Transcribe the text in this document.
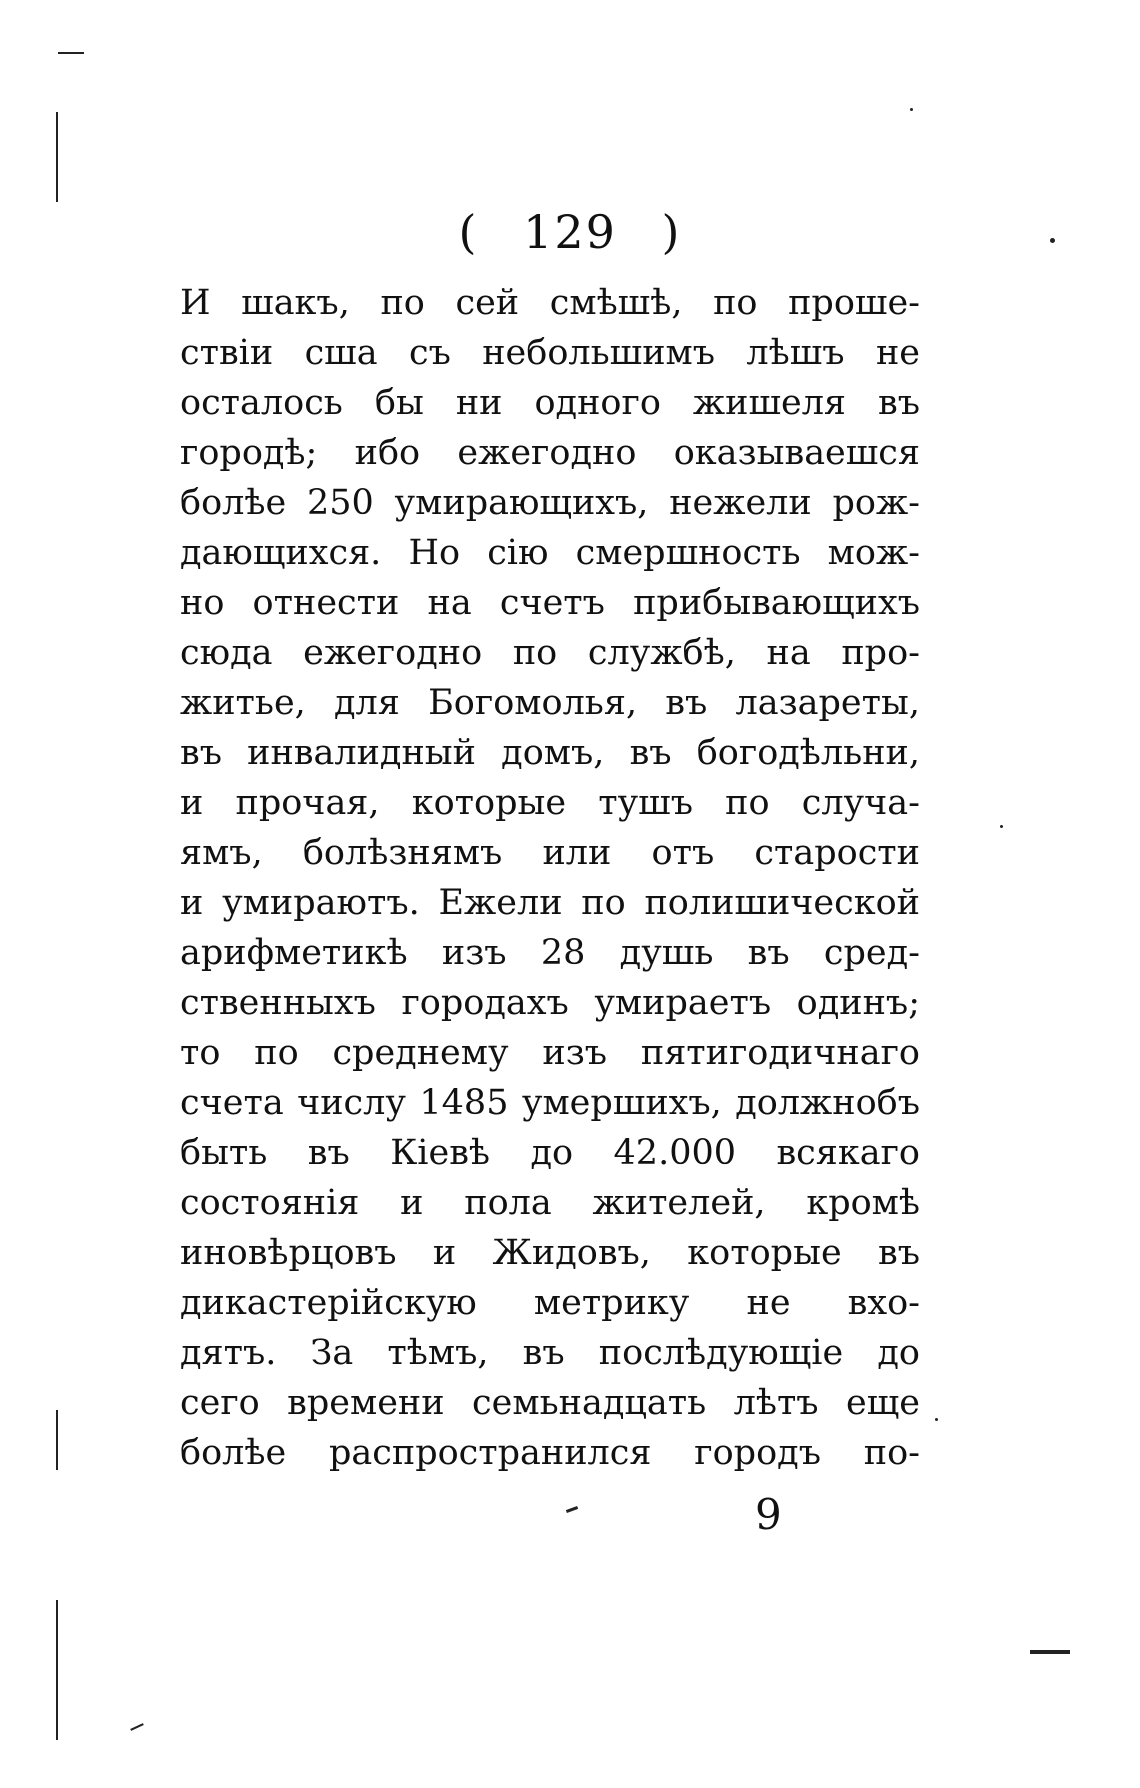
( 129 )
И шакъ, по сей смѣшѣ, по проше-
ствіи сша съ небольшимъ лѣшъ не
осталось бы ни одного жишеля въ
городѣ; ибо ежегодно оказываешся
болѣе 250 умирающихъ, нежели рож-
дающихся. Но сію смершность мож-
но отнести на счетъ прибывающихъ
сюда ежегодно по службѣ, на про-
житье, для Богомолья, въ лазареты,
въ инвалидный домъ, въ богодѣльни,
и прочая, которые тушъ по случа-
ямъ, болѣзнямъ или отъ старости
и умираютъ. Ежели по полишической
арифметикѣ изъ 28 душь въ сред-
ственныхъ городахъ умираетъ одинъ;
то по среднему изъ пятигодичнаго
счета числу 1485 умершихъ, должнобъ
быть въ Кіевѣ до 42.000 всякаго
состоянія и пола жителей, кромѣ
иновѣрцовъ и Жидовъ, которые въ
дикастерійскую метрику не вхо-
дятъ. За тѣмъ, въ послѣдующіе до
сего времени семьнадцать лѣтъ еще
болѣе распространился городъ по-
9
